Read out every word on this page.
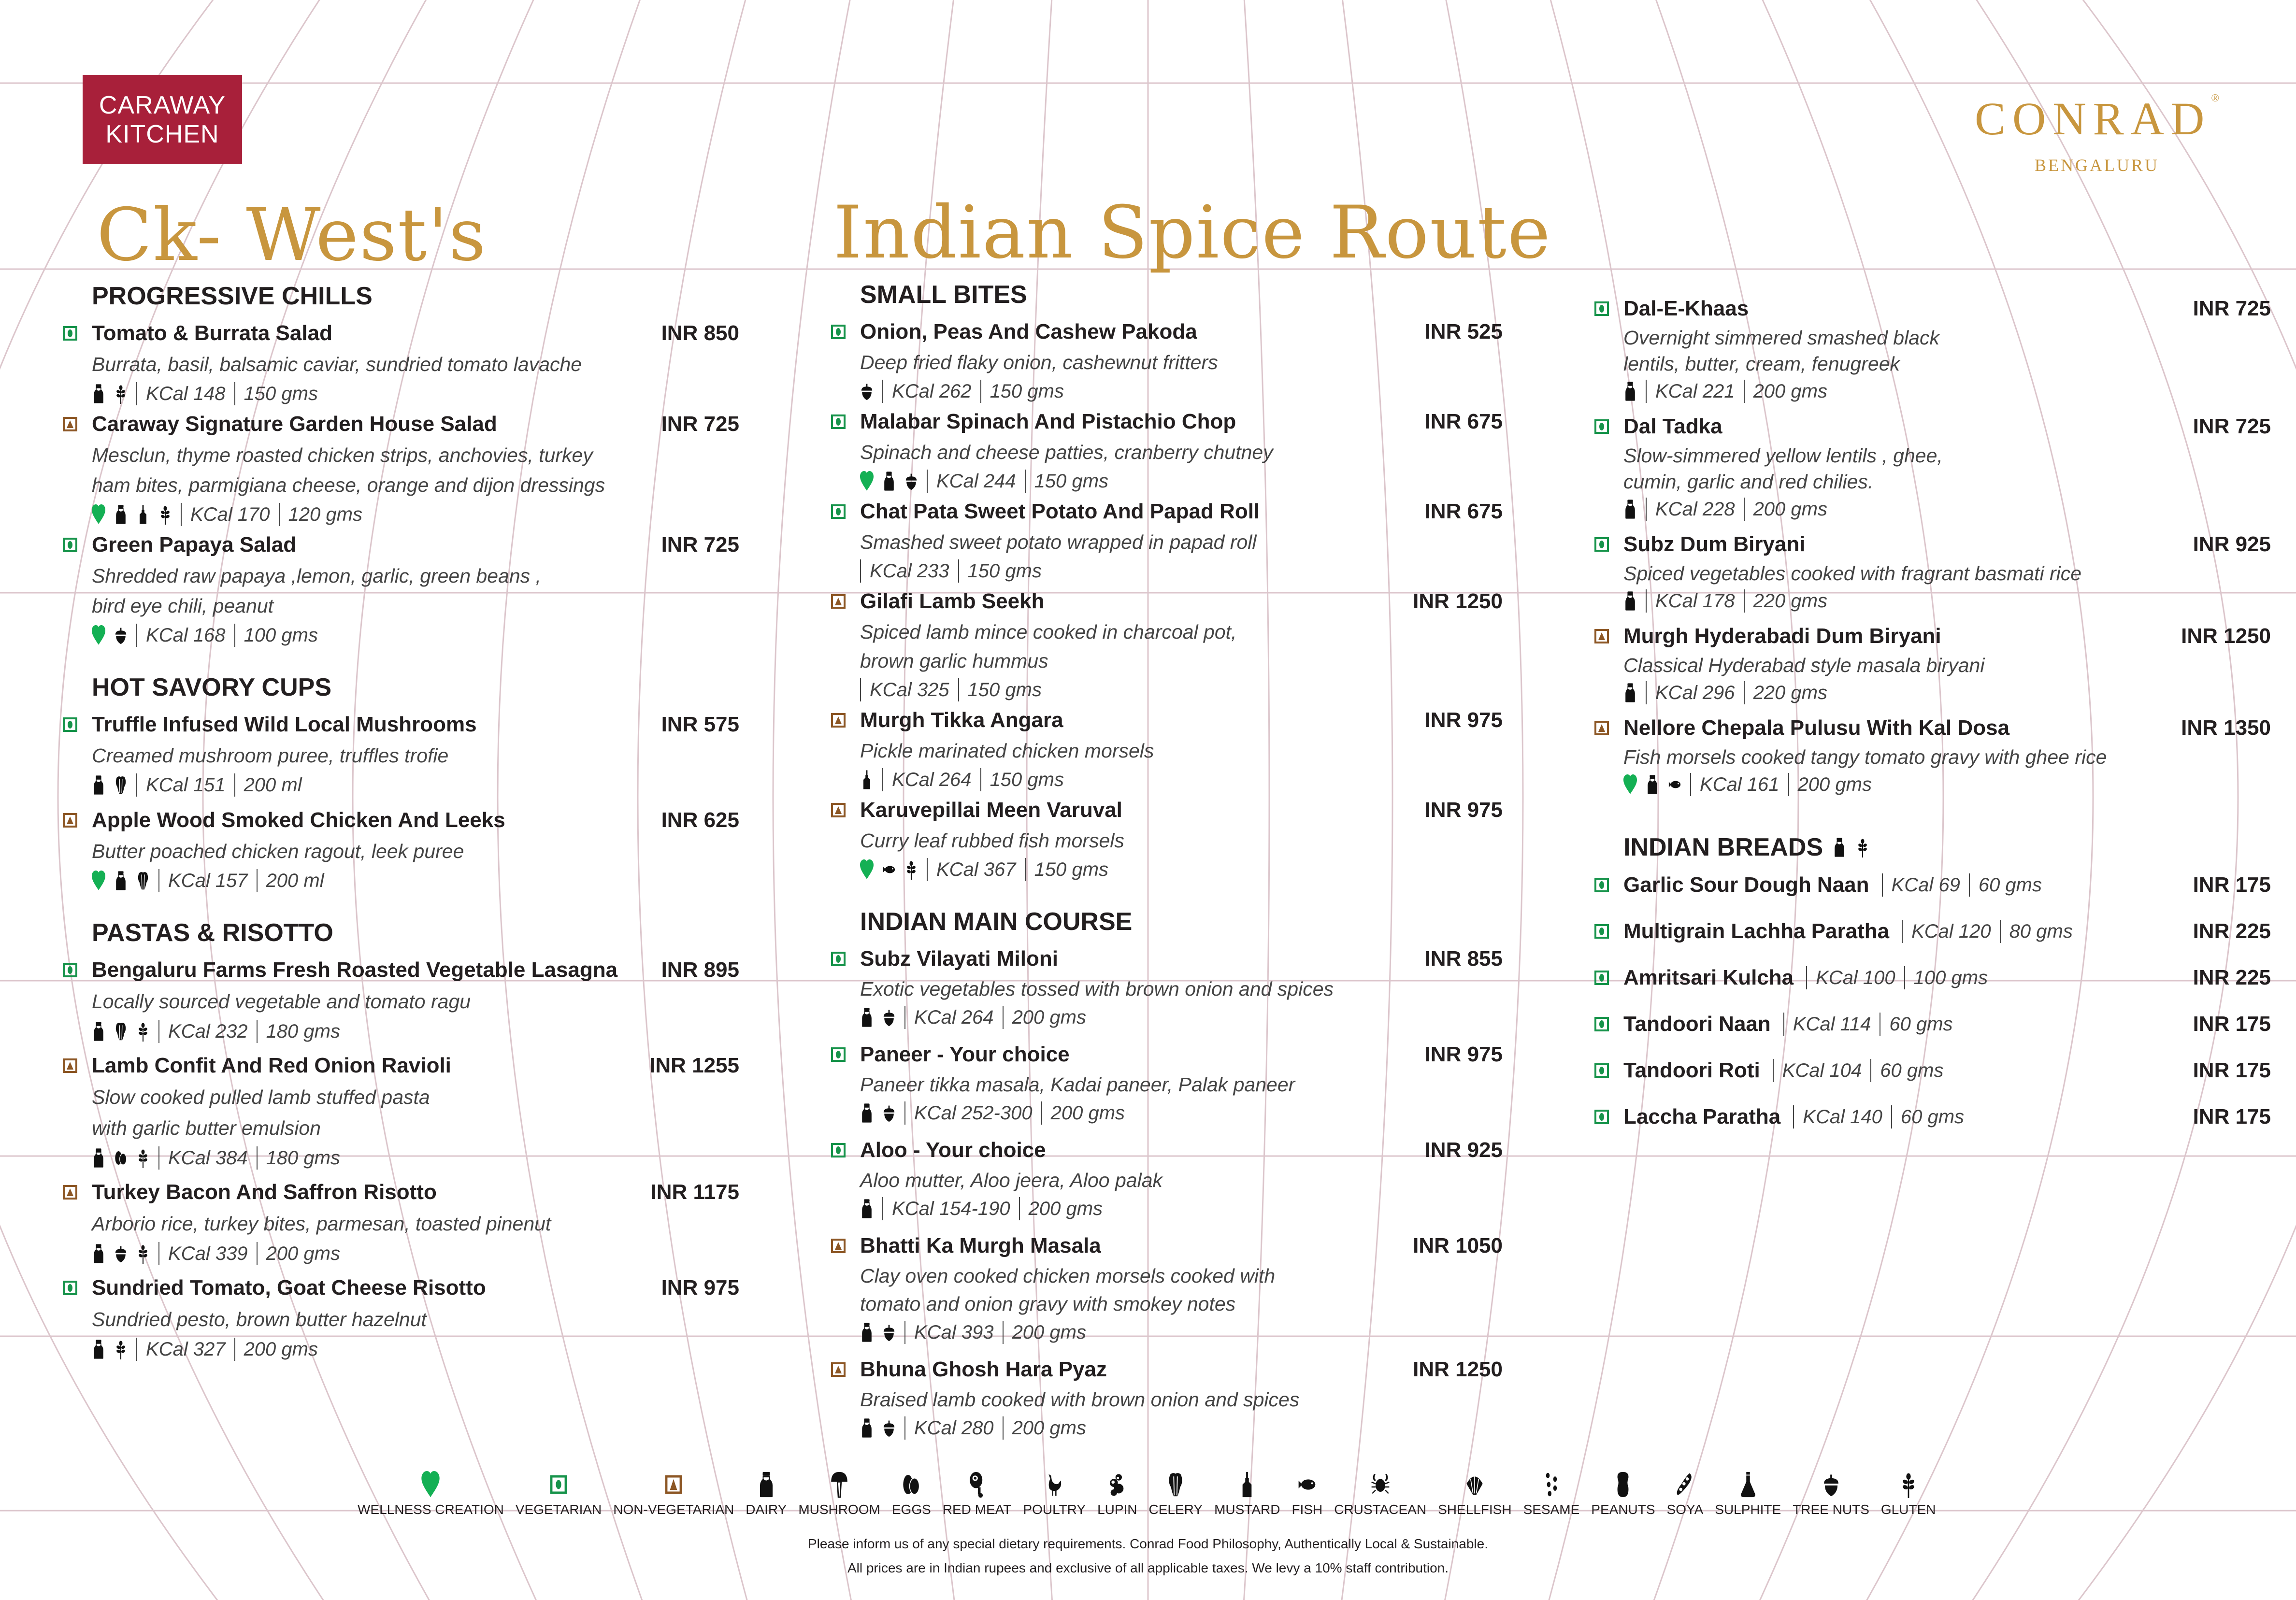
CARAWAY
KITCHEN	CONRAD®
BENGALURU
Ck- West's	Indian Spice Route
PROGRESSIVE CHILLS
Tomato & Burrata Salad	INR 850
Burrata, basil, balsamic caviar, sundried tomato lavache
KCal 148 150 gms
Caraway Signature Garden House Salad	INR 725
Mesclun, thyme roasted chicken strips, anchovies, turkey
ham bites, parmigiana cheese, orange and dijon dressings
KCal 170 120 gms
Green Papaya Salad	INR 725
Shredded raw papaya ,lemon, garlic, green beans ,
bird eye chili, peanut
KCal 168 100 gms
HOT SAVORY CUPS
Truffle Infused Wild Local Mushrooms	INR 575
Creamed mushroom puree, truffles trofie
KCal 151 200 ml
Apple Wood Smoked Chicken And Leeks	INR 625
Butter poached chicken ragout, leek puree
KCal 157 200 ml
PASTAS & RISOTTO
Bengaluru Farms Fresh Roasted Vegetable Lasagna INR 895
Locally sourced vegetable and tomato ragu
KCal 232 180 gms
Lamb Confit And Red Onion Ravioli	INR 1255
Slow cooked pulled lamb stuffed pasta
with garlic butter emulsion
KCal 384 180 gms
Turkey Bacon And Saffron Risotto	INR 1175
Arborio rice, turkey bites, parmesan, toasted pinenut
KCal 339 200 gms
Sundried Tomato, Goat Cheese Risotto	INR 975
Sundried pesto, brown butter hazelnut
KCal 327 200 gms
SMALL BITES
Onion, Peas And Cashew Pakoda	INR 525
Deep fried flaky onion, cashewnut fritters
KCal 262 150 gms
Malabar Spinach And Pistachio Chop	INR 675
Spinach and cheese patties, cranberry chutney
KCal 244 150 gms
Chat Pata Sweet Potato And Papad Roll	INR 675
Smashed sweet potato wrapped in papad roll
KCal 233 150 gms
Gilafi Lamb Seekh	INR 1250
Spiced lamb mince cooked in charcoal pot,
brown garlic hummus
KCal 325 150 gms
Murgh Tikka Angara	INR 975
Pickle marinated chicken morsels
KCal 264 150 gms
Karuvepillai Meen Varuval	INR 975
Curry leaf rubbed fish morsels
KCal 367 150 gms
INDIAN MAIN COURSE
Subz Vilayati Miloni	INR 855
Exotic vegetables tossed with brown onion and spices
KCal 264 200 gms
Paneer - Your choice	INR 975
Paneer tikka masala, Kadai paneer, Palak paneer
KCal 252-300 200 gms
Aloo - Your choice	INR 925
Aloo mutter, Aloo jeera, Aloo palak
KCal 154-190 200 gms
Bhatti Ka Murgh Masala	INR 1050
Clay oven cooked chicken morsels cooked with
tomato and onion gravy with smokey notes
KCal 393 200 gms
Bhuna Ghosh Hara Pyaz	INR 1250
Braised lamb cooked with brown onion and spices
KCal 280 200 gms
Dal-E-Khaas	INR 725
Overnight simmered smashed black
lentils, butter, cream, fenugreek
KCal 221 200 gms
Dal Tadka	INR 725
Slow-simmered yellow lentils , ghee,
cumin, garlic and red chilies.
KCal 228 200 gms
Subz Dum Biryani	INR 925
Spiced vegetables cooked with fragrant basmati rice
KCal 178 220 gms
Murgh Hyderabadi Dum Biryani	INR 1250
Classical Hyderabad style masala biryani
KCal 296 220 gms
Nellore Chepala Pulusu With Kal Dosa	INR 1350
Fish morsels cooked tangy tomato gravy with ghee rice
KCal 161 200 gms
INDIAN BREADS
Garlic Sour Dough Naan KCal 69 60 gms	INR 175
Multigrain Lachha Paratha KCal 120 80 gms	INR 225
Amritsari Kulcha KCal 100 100 gms	INR 225
Tandoori Naan KCal 114 60 gms	INR 175
Tandoori Roti KCal 104 60 gms	INR 175
Laccha Paratha KCal 140 60 gms	INR 175
WELLNESS CREATION VEGETARIAN NON-VEGETARIAN DAIRY MUSHROOM EGGS RED MEAT POULTRY LUPIN CELERY MUSTARD FISH CRUSTACEAN SHELLFISH SESAME PEANUTS SOYA SULPHITE TREE NUTS GLUTEN
Please inform us of any special dietary requirements. Conrad Food Philosophy, Authentically Local & Sustainable.
All prices are in Indian rupees and exclusive of all applicable taxes. We levy a 10% staff contribution.
